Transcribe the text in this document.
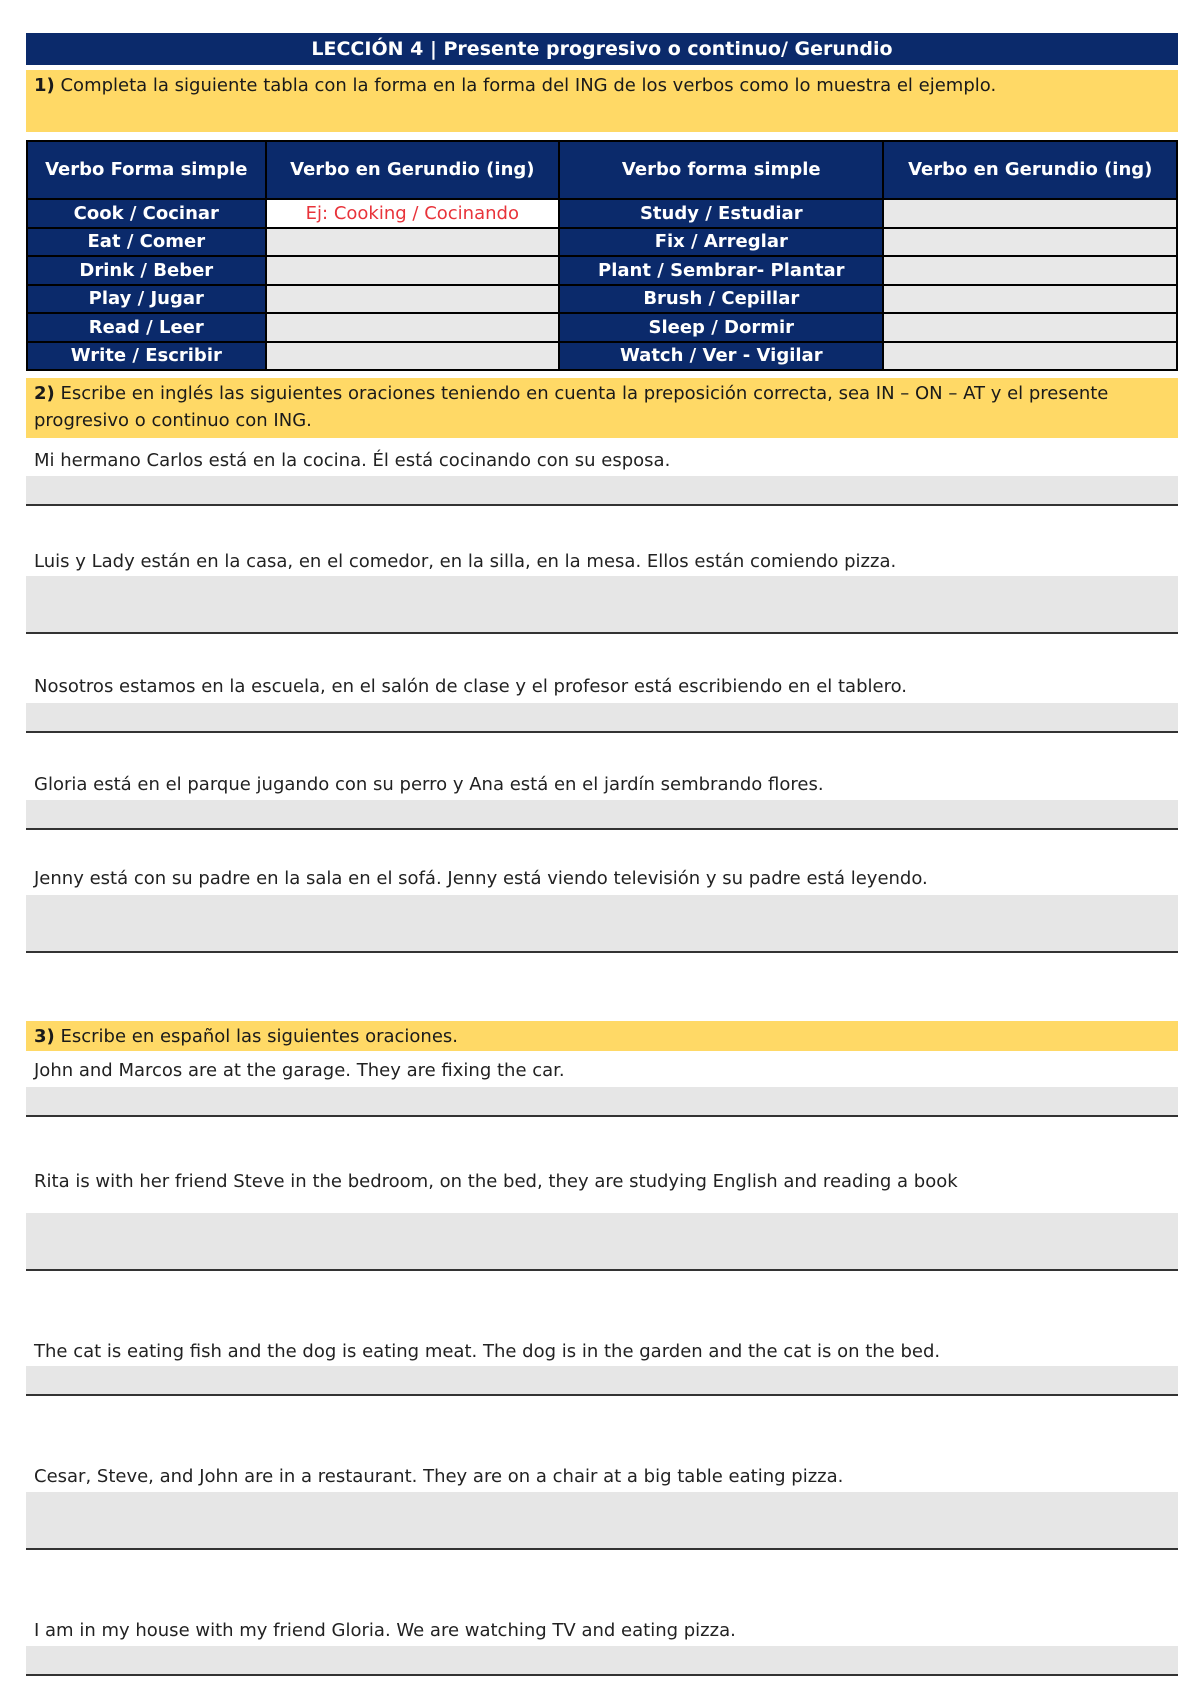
LECCIÓN 4 | Presente progresivo o continuo/ Gerundio
1) Completa la siguiente tabla con la forma en la forma del ING de los verbos como lo muestra el ejemplo.
Verbo Forma simple	Verbo en Gerundio (ing)	Verbo forma simple	Verbo en Gerundio (ing)
Cook / Cocinar	Ej: Cooking / Cocinando	Study / Estudiar	
Eat / Comer		Fix / Arreglar	
Drink / Beber		Plant / Sembrar- Plantar	
Play / Jugar		Brush / Cepillar	
Read / Leer		Sleep / Dormir	
Write / Escribir		Watch / Ver - Vigilar	
2) Escribe en inglés las siguientes oraciones teniendo en cuenta la preposición correcta, sea IN – ON – AT y el presente progresivo o continuo con ING.
Mi hermano Carlos está en la cocina. Él está cocinando con su esposa.
Luis y Lady están en la casa, en el comedor, en la silla, en la mesa. Ellos están comiendo pizza.
Nosotros estamos en la escuela, en el salón de clase y el profesor está escribiendo en el tablero.
Gloria está en el parque jugando con su perro y Ana está en el jardín sembrando flores.
Jenny está con su padre en la sala en el sofá. Jenny está viendo televisión y su padre está leyendo.
3) Escribe en español las siguientes oraciones.
John and Marcos are at the garage. They are fixing the car.
Rita is with her friend Steve in the bedroom, on the bed, they are studying English and reading a book
The cat is eating fish and the dog is eating meat. The dog is in the garden and the cat is on the bed.
Cesar, Steve, and John are in a restaurant. They are on a chair at a big table eating pizza.
I am in my house with my friend Gloria. We are watching TV and eating pizza.
